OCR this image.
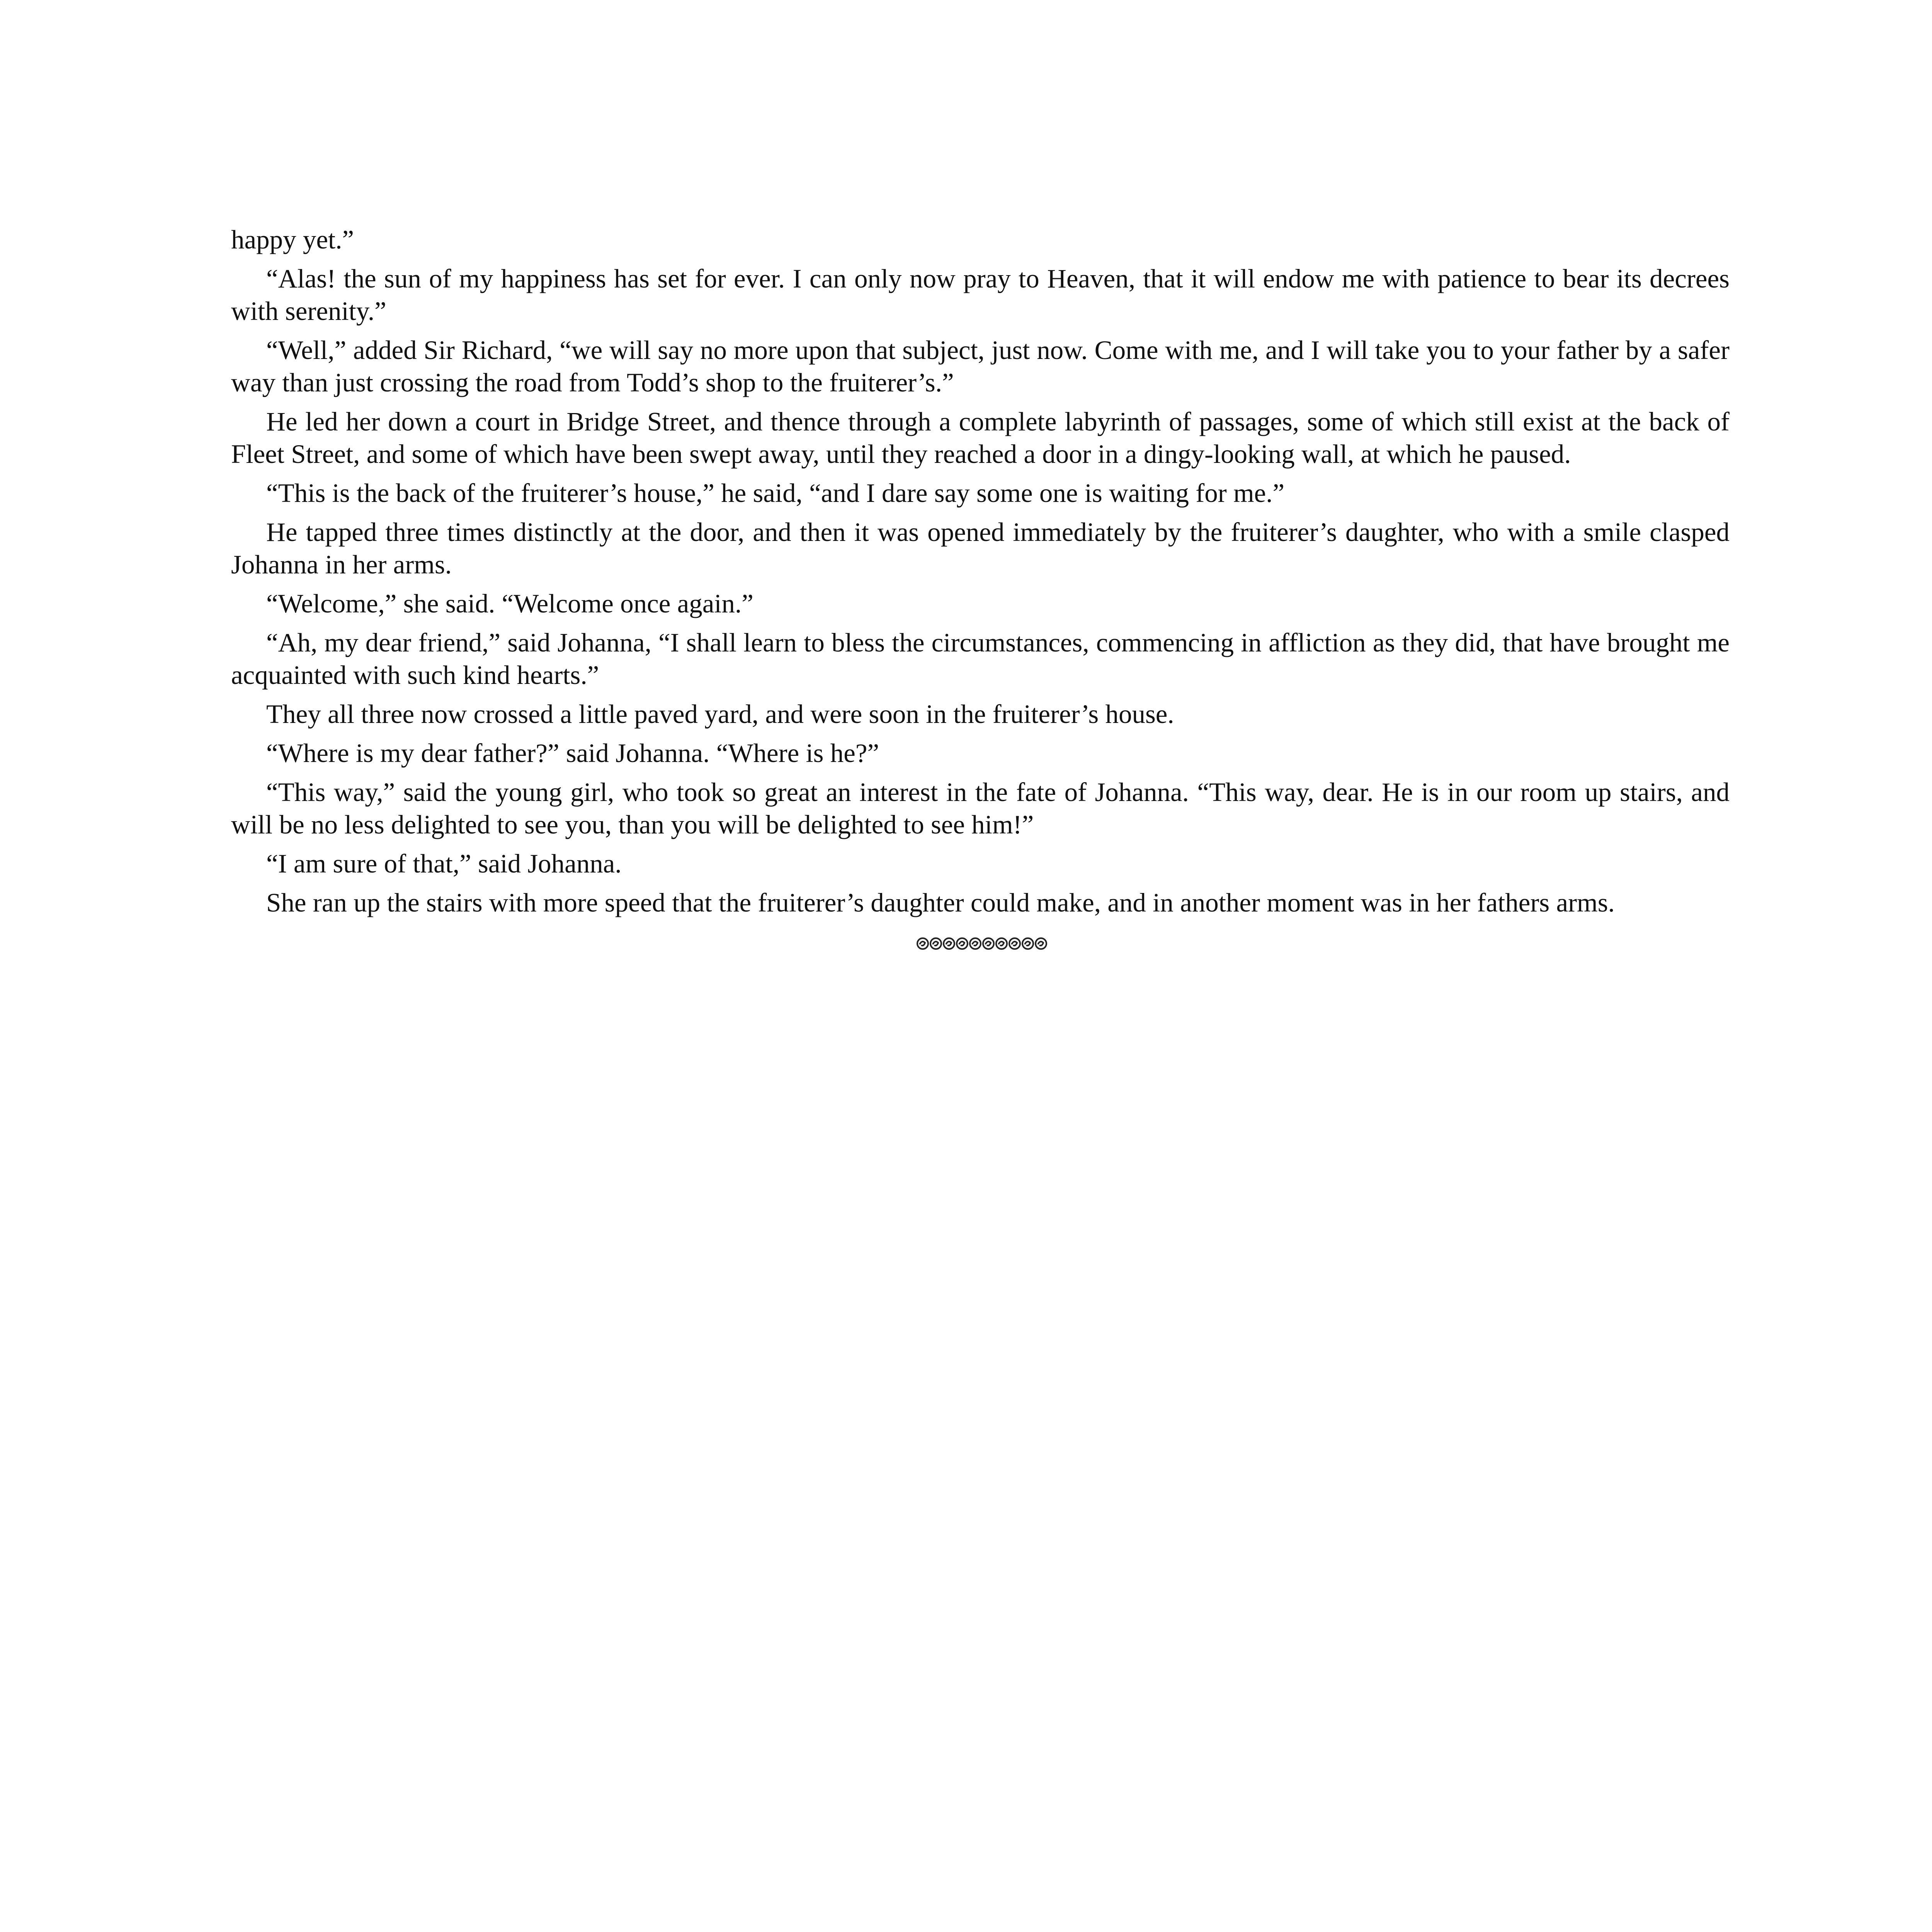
happy yet.”

“Alas! the sun of my happiness has set for ever. I can only now pray to Heaven, that it will endow me with patience to bear its decrees with serenity.”

“Well,” added Sir Richard, “we will say no more upon that subject, just now. Come with me, and I will take you to your father by a safer way than just crossing the road from Todd’s shop to the fruiterer’s.”

He led her down a court in Bridge Street, and thence through a complete labyrinth of passages, some of which still exist at the back of Fleet Street, and some of which have been swept away, until they reached a door in a dingy-looking wall, at which he paused.

“This is the back of the fruiterer’s house,” he said, “and I dare say some one is waiting for me.”

He tapped three times distinctly at the door, and then it was opened immediately by the fruiterer’s daughter, who with a smile clasped Johanna in her arms.

“Welcome,” she said. “Welcome once again.”

“Ah, my dear friend,” said Johanna, “I shall learn to bless the circumstances, commencing in affliction as they did, that have brought me acquainted with such kind hearts.”

They all three now crossed a little paved yard, and were soon in the fruiterer’s house.

“Where is my dear father?” said Johanna. “Where is he?”

“This way,” said the young girl, who took so great an interest in the fate of Johanna. “This way, dear. He is in our room up stairs, and will be no less delighted to see you, than you will be delighted to see him!”

“I am sure of that,” said Johanna.

She ran up the stairs with more speed that the fruiterer’s daughter could make, and in another moment was in her fathers arms.
